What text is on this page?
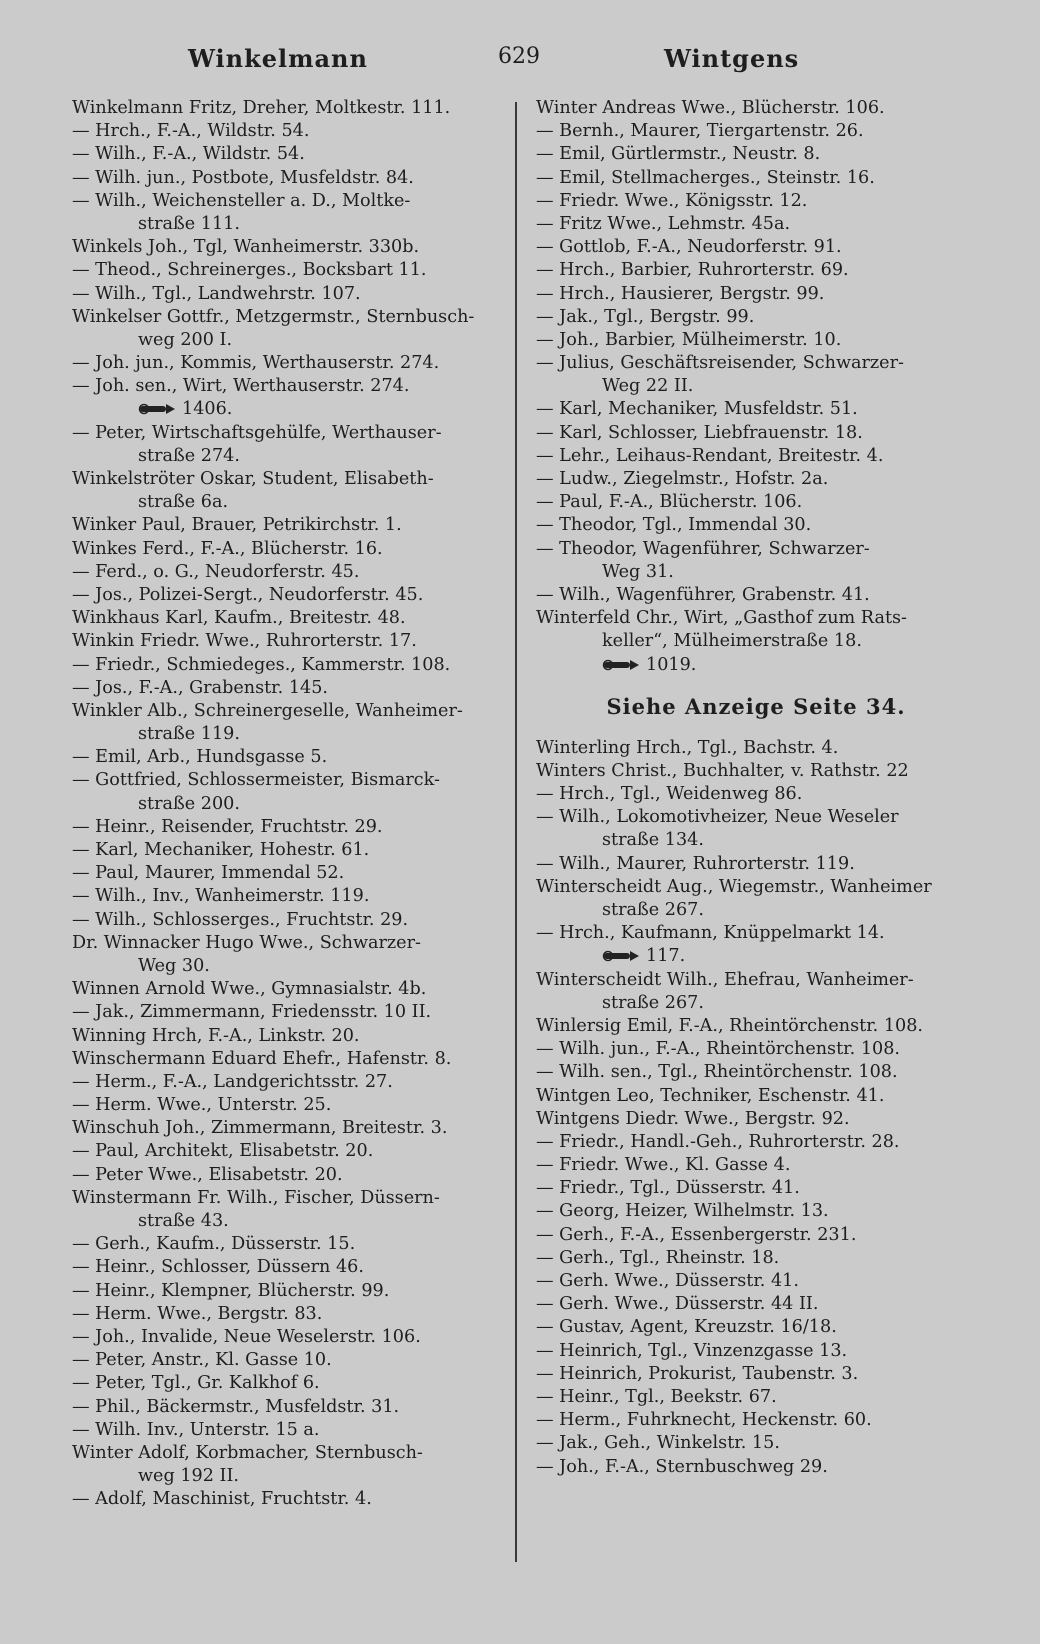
Winkelmann	629	Wintgens
Winkelmann Fritz, Dreher, Moltkestr. 111.
— Hrch., F.-A., Wildstr. 54.
— Wilh., F.-A., Wildstr. 54.
— Wilh. jun., Postbote, Musfeldstr. 84.
— Wilh., Weichensteller a. D., Moltke-
straße 111.
Winkels Joh., Tgl, Wanheimerstr. 330b.
— Theod., Schreinerges., Bocksbart 11.
— Wilh., Tgl., Landwehrstr. 107.
Winkelser Gottfr., Metzgermstr., Sternbusch-
weg 200 I.
— Joh. jun., Kommis, Werthauserstr. 274.
— Joh. sen., Wirt, Werthauserstr. 274.
1406.
— Peter, Wirtschaftsgehülfe, Werthauser-
straße 274.
Winkelströter Oskar, Student, Elisabeth-
straße 6a.
Winker Paul, Brauer, Petrikirchstr. 1.
Winkes Ferd., F.-A., Blücherstr. 16.
— Ferd., o. G., Neudorferstr. 45.
— Jos., Polizei-Sergt., Neudorferstr. 45.
Winkhaus Karl, Kaufm., Breitestr. 48.
Winkin Friedr. Wwe., Ruhrorterstr. 17.
— Friedr., Schmiedeges., Kammerstr. 108.
— Jos., F.-A., Grabenstr. 145.
Winkler Alb., Schreinergeselle, Wanheimer-
straße 119.
— Emil, Arb., Hundsgasse 5.
— Gottfried, Schlossermeister, Bismarck-
straße 200.
— Heinr., Reisender, Fruchtstr. 29.
— Karl, Mechaniker, Hohestr. 61.
— Paul, Maurer, Immendal 52.
— Wilh., Inv., Wanheimerstr. 119.
— Wilh., Schlosserges., Fruchtstr. 29.
Dr. Winnacker Hugo Wwe., Schwarzer-
Weg 30.
Winnen Arnold Wwe., Gymnasialstr. 4b.
— Jak., Zimmermann, Friedensstr. 10 II.
Winning Hrch, F.-A., Linkstr. 20.
Winschermann Eduard Ehefr., Hafenstr. 8.
— Herm., F.-A., Landgerichtsstr. 27.
— Herm. Wwe., Unterstr. 25.
Winschuh Joh., Zimmermann, Breitestr. 3.
— Paul, Architekt, Elisabetstr. 20.
— Peter Wwe., Elisabetstr. 20.
Winstermann Fr. Wilh., Fischer, Düssern-
straße 43.
— Gerh., Kaufm., Düsserstr. 15.
— Heinr., Schlosser, Düssern 46.
— Heinr., Klempner, Blücherstr. 99.
— Herm. Wwe., Bergstr. 83.
— Joh., Invalide, Neue Weselerstr. 106.
— Peter, Anstr., Kl. Gasse 10.
— Peter, Tgl., Gr. Kalkhof 6.
— Phil., Bäckermstr., Musfeldstr. 31.
— Wilh. Inv., Unterstr. 15 a.
Winter Adolf, Korbmacher, Sternbusch-
weg 192 II.
— Adolf, Maschinist, Fruchtstr. 4.
Winter Andreas Wwe., Blücherstr. 106.
— Bernh., Maurer, Tiergartenstr. 26.
— Emil, Gürtlermstr., Neustr. 8.
— Emil, Stellmacherges., Steinstr. 16.
— Friedr. Wwe., Königsstr. 12.
— Fritz Wwe., Lehmstr. 45a.
— Gottlob, F.-A., Neudorferstr. 91.
— Hrch., Barbier, Ruhrorterstr. 69.
— Hrch., Hausierer, Bergstr. 99.
— Jak., Tgl., Bergstr. 99.
— Joh., Barbier, Mülheimerstr. 10.
— Julius, Geschäftsreisender, Schwarzer-
Weg 22 II.
— Karl, Mechaniker, Musfeldstr. 51.
— Karl, Schlosser, Liebfrauenstr. 18.
— Lehr., Leihaus-Rendant, Breitestr. 4.
— Ludw., Ziegelmstr., Hofstr. 2a.
— Paul, F.-A., Blücherstr. 106.
— Theodor, Tgl., Immendal 30.
— Theodor, Wagenführer, Schwarzer-
Weg 31.
— Wilh., Wagenführer, Grabenstr. 41.
Winterfeld Chr., Wirt, „Gasthof zum Rats-
keller“, Mülheimerstraße 18.
1019.
Siehe Anzeige Seite 34.
Winterling Hrch., Tgl., Bachstr. 4.
Winters Christ., Buchhalter, v. Rathstr. 22
— Hrch., Tgl., Weidenweg 86.
— Wilh., Lokomotivheizer, Neue Weseler
straße 134.
— Wilh., Maurer, Ruhrorterstr. 119.
Winterscheidt Aug., Wiegemstr., Wanheimer
straße 267.
— Hrch., Kaufmann, Knüppelmarkt 14.
117.
Winterscheidt Wilh., Ehefrau, Wanheimer-
straße 267.
Winlersig Emil, F.-A., Rheintörchenstr. 108.
— Wilh. jun., F.-A., Rheintörchenstr. 108.
— Wilh. sen., Tgl., Rheintörchenstr. 108.
Wintgen Leo, Techniker, Eschenstr. 41.
Wintgens Diedr. Wwe., Bergstr. 92.
— Friedr., Handl.-Geh., Ruhrorterstr. 28.
— Friedr. Wwe., Kl. Gasse 4.
— Friedr., Tgl., Düsserstr. 41.
— Georg, Heizer, Wilhelmstr. 13.
— Gerh., F.-A., Essenbergerstr. 231.
— Gerh., Tgl., Rheinstr. 18.
— Gerh. Wwe., Düsserstr. 41.
— Gerh. Wwe., Düsserstr. 44 II.
— Gustav, Agent, Kreuzstr. 16/18.
— Heinrich, Tgl., Vinzenzgasse 13.
— Heinrich, Prokurist, Taubenstr. 3.
— Heinr., Tgl., Beekstr. 67.
— Herm., Fuhrknecht, Heckenstr. 60.
— Jak., Geh., Winkelstr. 15.
— Joh., F.-A., Sternbuschweg 29.
